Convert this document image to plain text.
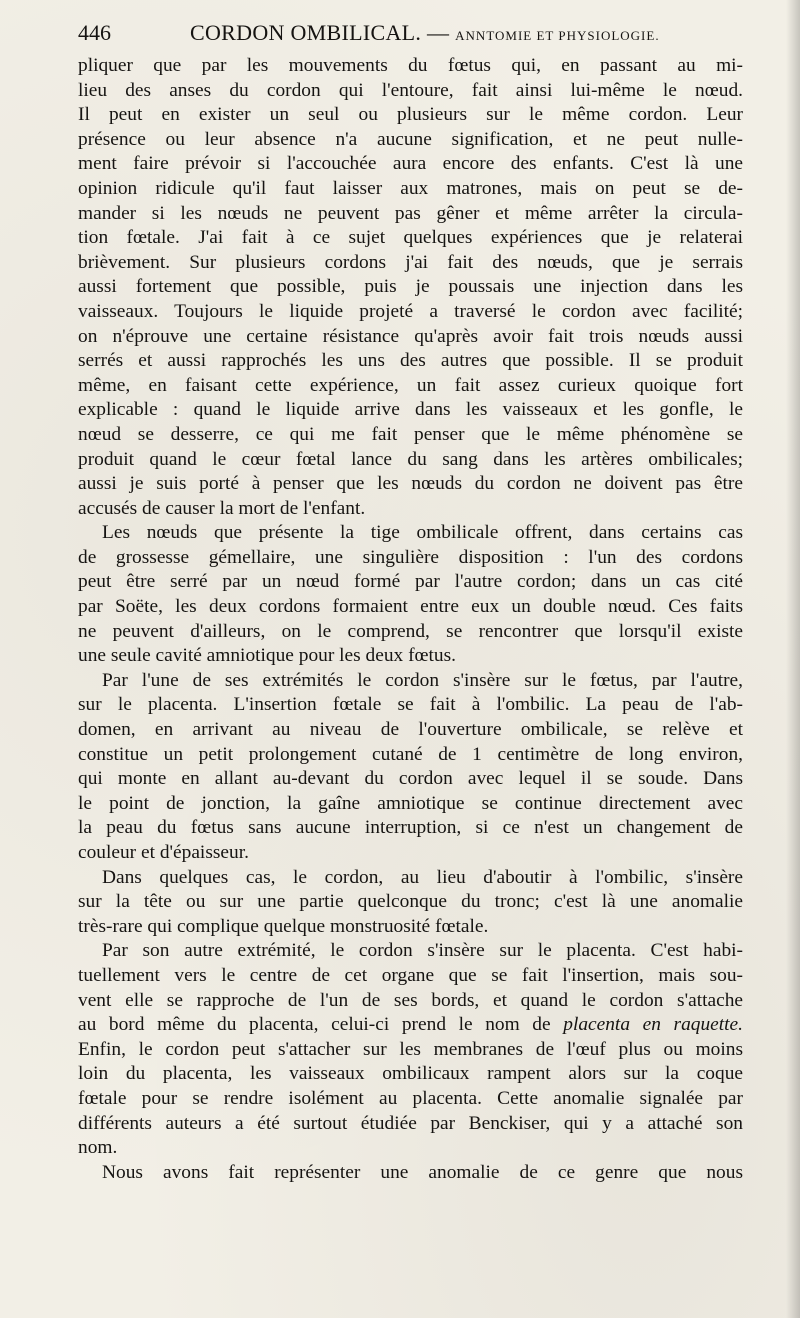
446	CORDON OMBILICAL. — ANNTOMIE ET PHYSIOLOGIE.
pliquer que par les mouvements du fœtus qui, en passant au mi-
lieu des anses du cordon qui l'entoure, fait ainsi lui-même le nœud.
Il peut en exister un seul ou plusieurs sur le même cordon. Leur
présence ou leur absence n'a aucune signification, et ne peut nulle-
ment faire prévoir si l'accouchée aura encore des enfants. C'est là une
opinion ridicule qu'il faut laisser aux matrones, mais on peut se de-
mander si les nœuds ne peuvent pas gêner et même arrêter la circula-
tion fœtale. J'ai fait à ce sujet quelques expériences que je relaterai
brièvement. Sur plusieurs cordons j'ai fait des nœuds, que je serrais
aussi fortement que possible, puis je poussais une injection dans les
vaisseaux. Toujours le liquide projeté a traversé le cordon avec facilité;
on n'éprouve une certaine résistance qu'après avoir fait trois nœuds aussi
serrés et aussi rapprochés les uns des autres que possible. Il se produit
même, en faisant cette expérience, un fait assez curieux quoique fort
explicable : quand le liquide arrive dans les vaisseaux et les gonfle, le
nœud se desserre, ce qui me fait penser que le même phénomène se
produit quand le cœur fœtal lance du sang dans les artères ombilicales;
aussi je suis porté à penser que les nœuds du cordon ne doivent pas être
accusés de causer la mort de l'enfant.
Les nœuds que présente la tige ombilicale offrent, dans certains cas
de grossesse gémellaire, une singulière disposition : l'un des cordons
peut être serré par un nœud formé par l'autre cordon; dans un cas cité
par Soëte, les deux cordons formaient entre eux un double nœud. Ces faits
ne peuvent d'ailleurs, on le comprend, se rencontrer que lorsqu'il existe
une seule cavité amniotique pour les deux fœtus.
Par l'une de ses extrémités le cordon s'insère sur le fœtus, par l'autre,
sur le placenta. L'insertion fœtale se fait à l'ombilic. La peau de l'ab-
domen, en arrivant au niveau de l'ouverture ombilicale, se relève et
constitue un petit prolongement cutané de 1 centimètre de long environ,
qui monte en allant au-devant du cordon avec lequel il se soude. Dans
le point de jonction, la gaîne amniotique se continue directement avec
la peau du fœtus sans aucune interruption, si ce n'est un changement de
couleur et d'épaisseur.
Dans quelques cas, le cordon, au lieu d'aboutir à l'ombilic, s'insère
sur la tête ou sur une partie quelconque du tronc; c'est là une anomalie
très-rare qui complique quelque monstruosité fœtale.
Par son autre extrémité, le cordon s'insère sur le placenta. C'est habi-
tuellement vers le centre de cet organe que se fait l'insertion, mais sou-
vent elle se rapproche de l'un de ses bords, et quand le cordon s'attache
au bord même du placenta, celui-ci prend le nom de placenta en raquette.
Enfin, le cordon peut s'attacher sur les membranes de l'œuf plus ou moins
loin du placenta, les vaisseaux ombilicaux rampent alors sur la coque
fœtale pour se rendre isolément au placenta. Cette anomalie signalée par
différents auteurs a été surtout étudiée par Benckiser, qui y a attaché son
nom.
Nous avons fait représenter une anomalie de ce genre que nous
